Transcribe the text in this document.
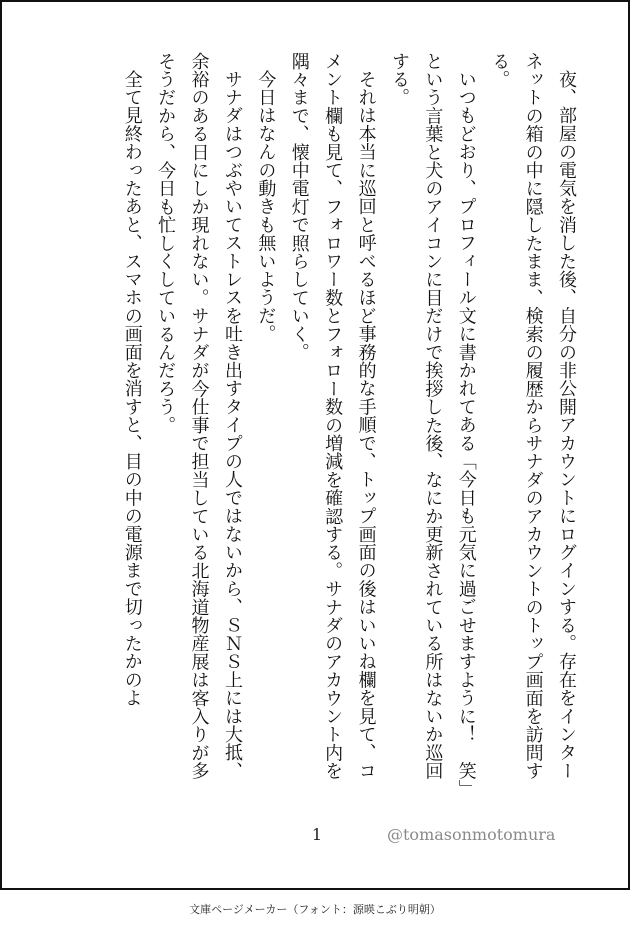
夜、部屋の電気を消した後、自分の非公開アカウントにログインする。存在をインターネットの箱の中に隠したまま、検索の履歴からサナダのアカウントのトップ画面を訪問する。

いつもどおり、プロフィール文に書かれてある「今日も元気に過ごせますように！　笑」という言葉と犬のアイコンに目だけで挨拶した後、なにか更新されている所はないか巡回する。

それは本当に巡回と呼べるほど事務的な手順で、トップ画面の後はいいね欄を見て、コメント欄も見て、フォロワー数とフォロー数の増減を確認する。サナダのアカウント内を隅々まで、懐中電灯で照らしていく。

今日はなんの動きも無いようだ。

サナダはつぶやいてストレスを吐き出すタイプの人ではないから、ＳＮＳ上には大抵、余裕のある日にしか現れない。サナダが今仕事で担当している北海道物産展は客入りが多そうだから、今日も忙しくしているんだろう。

全て見終わったあと、スマホの画面を消すと、目の中の電源まで切ったかのよ

1	@tomasonmotomura
文庫ページメーカー（フォント：源暎こぶり明朝）
